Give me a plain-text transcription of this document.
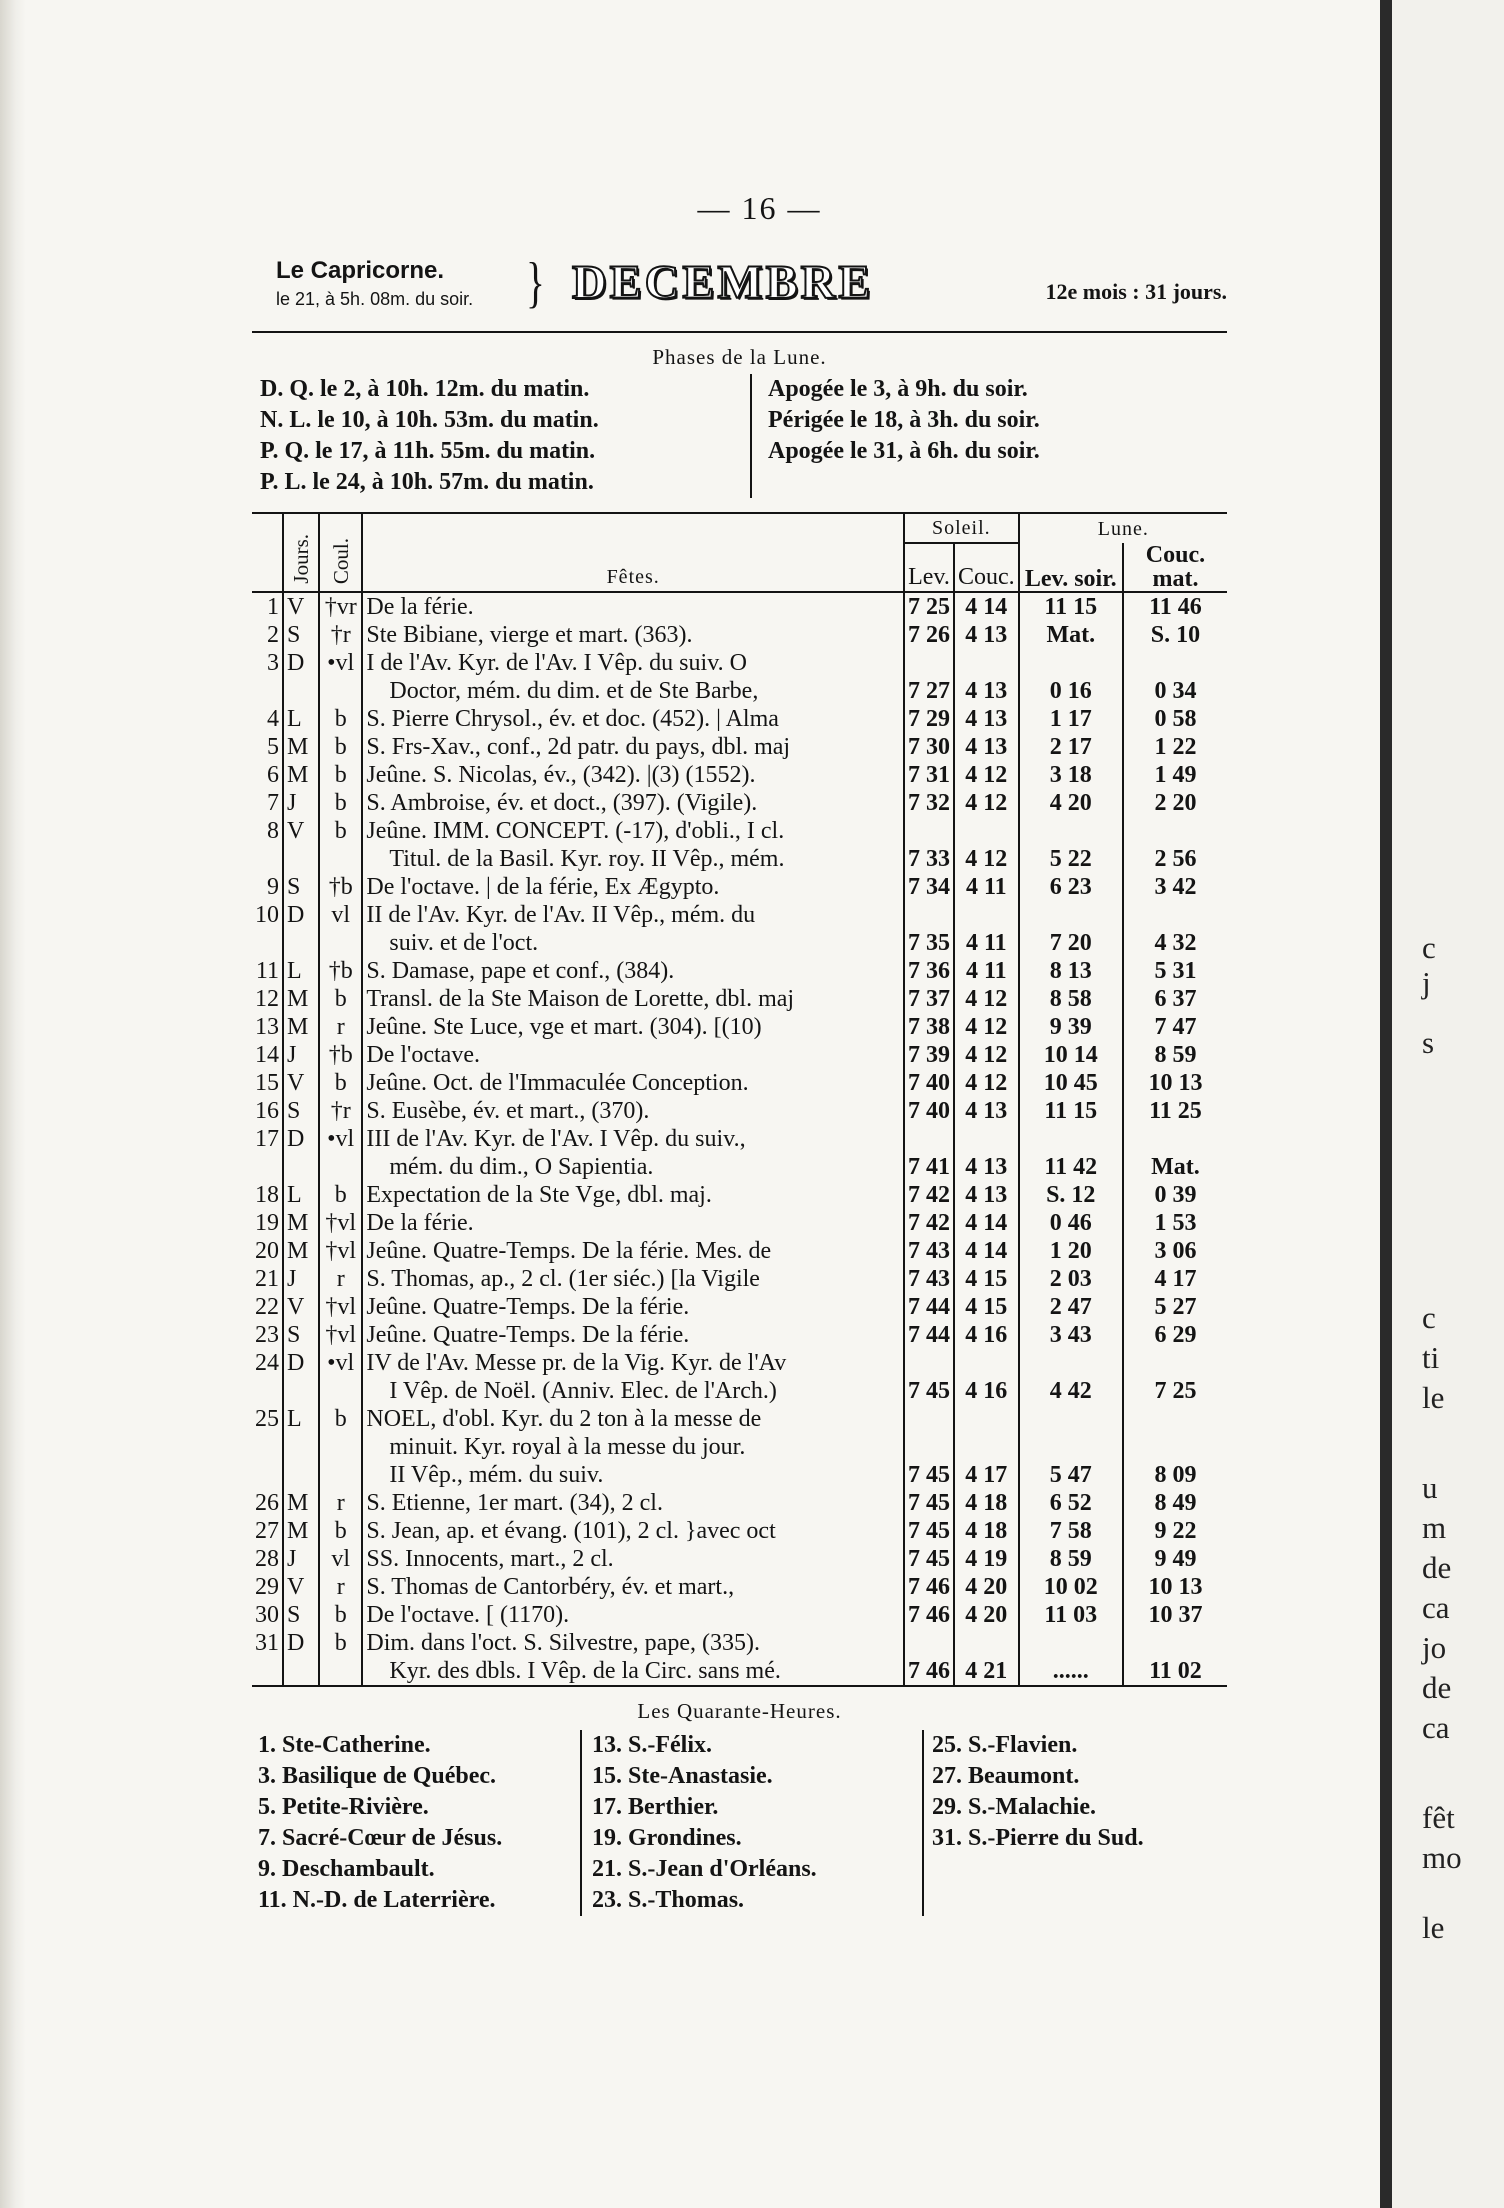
c
j
s
c
ti
le
u
m
de
ca
jo
de
ca
fêt
mo
le
— 16 —
Le Capricorne.
le 21, à 5h. 08m. du soir. } DECEMBRE	12e mois : 31 jours.
Phases de la Lune.
D. Q. le 2, à 10h. 12m. du matin.
N. L. le 10, à 10h. 53m. du matin.
P. Q. le 17, à 11h. 55m. du matin.
P. L. le 24, à 10h. 57m. du matin.
Apogée le 3, à 9h. du soir.
Périgée le 18, à 3h. du soir.
Apogée le 31, à 6h. du soir.
	Jours.	Coul.	Fêtes.	Soleil.		Lune.	
				Lev.	Couc.	Lev. soir.	Couc. mat.

1	V	†vr	De la férie.	7 25	4 14	11 15	11 46
2	S	†r	Ste Bibiane, vierge et mart. (363).	7 26	4 13	Mat.	S. 10
3	D	•vl	I de l'Av. Kyr. de l'Av. I Vêp. du suiv. O				
			Doctor, mém. du dim. et de Ste Barbe,	7 27	4 13	0 16	0 34
4	L	b	S. Pierre Chrysol., év. et doc. (452). | Alma	7 29	4 13	1 17	0 58
5	M	b	S. Frs-Xav., conf., 2d patr. du pays, dbl. maj	7 30	4 13	2 17	1 22
6	M	b	Jeûne. S. Nicolas, év., (342). |(3) (1552).	7 31	4 12	3 18	1 49
7	J	b	S. Ambroise, év. et doct., (397). (Vigile).	7 32	4 12	4 20	2 20
8	V	b	Jeûne. IMM. CONCEPT. (-17), d'obli., I cl.				
			Titul. de la Basil. Kyr. roy. II Vêp., mém.	7 33	4 12	5 22	2 56
9	S	†b	De l'octave. | de la férie, Ex Ægypto.	7 34	4 11	6 23	3 42
10	D	vl	II de l'Av. Kyr. de l'Av. II Vêp., mém. du				
			suiv. et de l'oct.	7 35	4 11	7 20	4 32
11	L	†b	S. Damase, pape et conf., (384).	7 36	4 11	8 13	5 31
12	M	b	Transl. de la Ste Maison de Lorette, dbl. maj	7 37	4 12	8 58	6 37
13	M	r	Jeûne. Ste Luce, vge et mart. (304). [(10)	7 38	4 12	9 39	7 47
14	J	†b	De l'octave.	7 39	4 12	10 14	8 59
15	V	b	Jeûne. Oct. de l'Immaculée Conception.	7 40	4 12	10 45	10 13
16	S	†r	S. Eusèbe, év. et mart., (370).	7 40	4 13	11 15	11 25
17	D	•vl	III de l'Av. Kyr. de l'Av. I Vêp. du suiv.,				
			mém. du dim., O Sapientia.	7 41	4 13	11 42	Mat.
18	L	b	Expectation de la Ste Vge, dbl. maj.	7 42	4 13	S. 12	0 39
19	M	†vl	De la férie.	7 42	4 14	0 46	1 53
20	M	†vl	Jeûne. Quatre-Temps. De la férie. Mes. de	7 43	4 14	1 20	3 06
21	J	r	S. Thomas, ap., 2 cl. (1er siéc.) [la Vigile	7 43	4 15	2 03	4 17
22	V	†vl	Jeûne. Quatre-Temps. De la férie.	7 44	4 15	2 47	5 27
23	S	†vl	Jeûne. Quatre-Temps. De la férie.	7 44	4 16	3 43	6 29
24	D	•vl	IV de l'Av. Messe pr. de la Vig. Kyr. de l'Av				
			I Vêp. de Noël. (Anniv. Elec. de l'Arch.)	7 45	4 16	4 42	7 25
25	L	b	NOEL, d'obl. Kyr. du 2 ton à la messe de				
			minuit. Kyr. royal à la messe du jour.				
			II Vêp., mém. du suiv.	7 45	4 17	5 47	8 09
26	M	r	S. Etienne, 1er mart. (34), 2 cl.	7 45	4 18	6 52	8 49
27	M	b	S. Jean, ap. et évang. (101), 2 cl. }avec oct	7 45	4 18	7 58	9 22
28	J	vl	SS. Innocents, mart., 2 cl.	7 45	4 19	8 59	9 49
29	V	r	S. Thomas de Cantorbéry, év. et mart.,	7 46	4 20	10 02	10 13
30	S	b	De l'octave. [ (1170).	7 46	4 20	11 03	10 37
31	D	b	Dim. dans l'oct. S. Silvestre, pape, (335).				
			Kyr. des dbls. I Vêp. de la Circ. sans mé.	7 46	4 21	......	11 02
Les Quarante-Heures.
1. Ste-Catherine.
3. Basilique de Québec.
5. Petite-Rivière.
7. Sacré-Cœur de Jésus.
9. Deschambault.
11. N.-D. de Laterrière.
13. S.-Félix.
15. Ste-Anastasie.
17. Berthier.
19. Grondines.
21. S.-Jean d'Orléans.
23. S.-Thomas.
25. S.-Flavien.
27. Beaumont.
29. S.-Malachie.
31. S.-Pierre du Sud.
